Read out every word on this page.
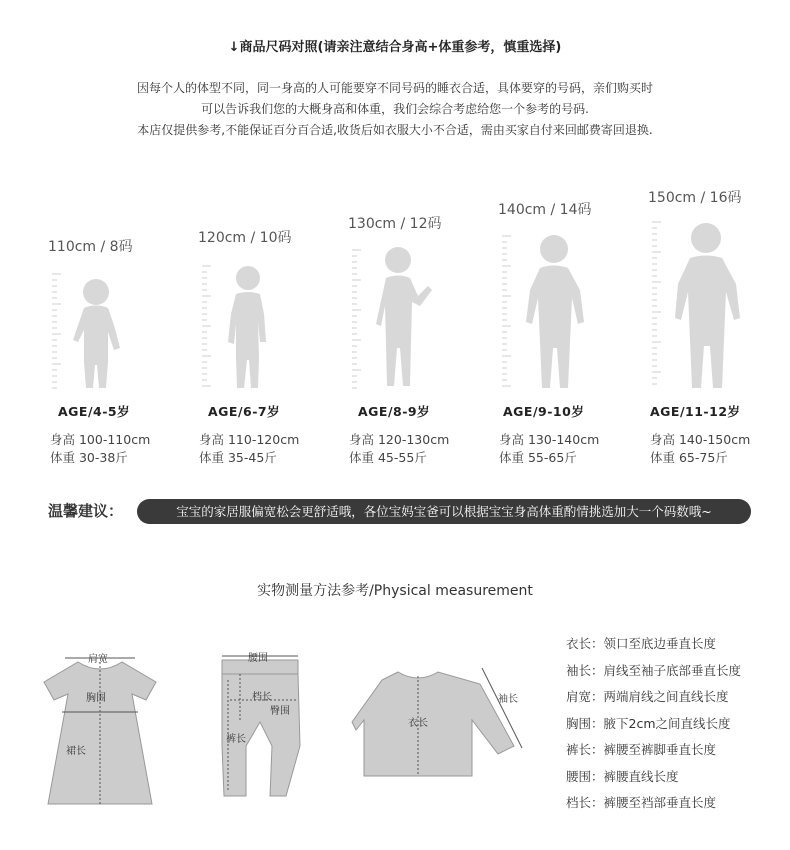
↓商品尺码对照(请亲注意结合身高+体重参考，慎重选择)
因每个人的体型不同，同一身高的人可能要穿不同号码的睡衣合适，具体要穿的号码，亲们购买时
可以告诉我们您的大概身高和体重，我们会综合考虑给您一个参考的号码.
本店仅提供参考,不能保证百分百合适,收货后如衣服大小不合适，需由买家自付来回邮费寄回退换.
110cm / 8码
AGE/4-5岁
身高 100-110cm
体重 30-38斤
120cm / 10码
AGE/6-7岁
身高 110-120cm
体重 35-45斤
130cm / 12码
AGE/8-9岁
身高 120-130cm
体重 45-55斤
140cm / 14码
AGE/9-10岁
身高 130-140cm
体重 55-65斤
150cm / 16码
AGE/11-12岁
身高 140-150cm
体重 65-75斤
温馨建议：	宝宝的家居服偏宽松会更舒适哦，各位宝妈宝爸可以根据宝宝身高体重酌情挑选加大一个码数哦~
实物测量方法参考/Physical measurement
肩宽
胸围
裙长
腰围
档长
臀围
裤长
衣长
袖长
衣长：领口至底边垂直长度
袖长：肩线至袖子底部垂直长度
肩宽：两端肩线之间直线长度
胸围：腋下2cm之间直线长度
裤长：裤腰至裤脚垂直长度
腰围：裤腰直线长度
档长：裤腰至裆部垂直长度
